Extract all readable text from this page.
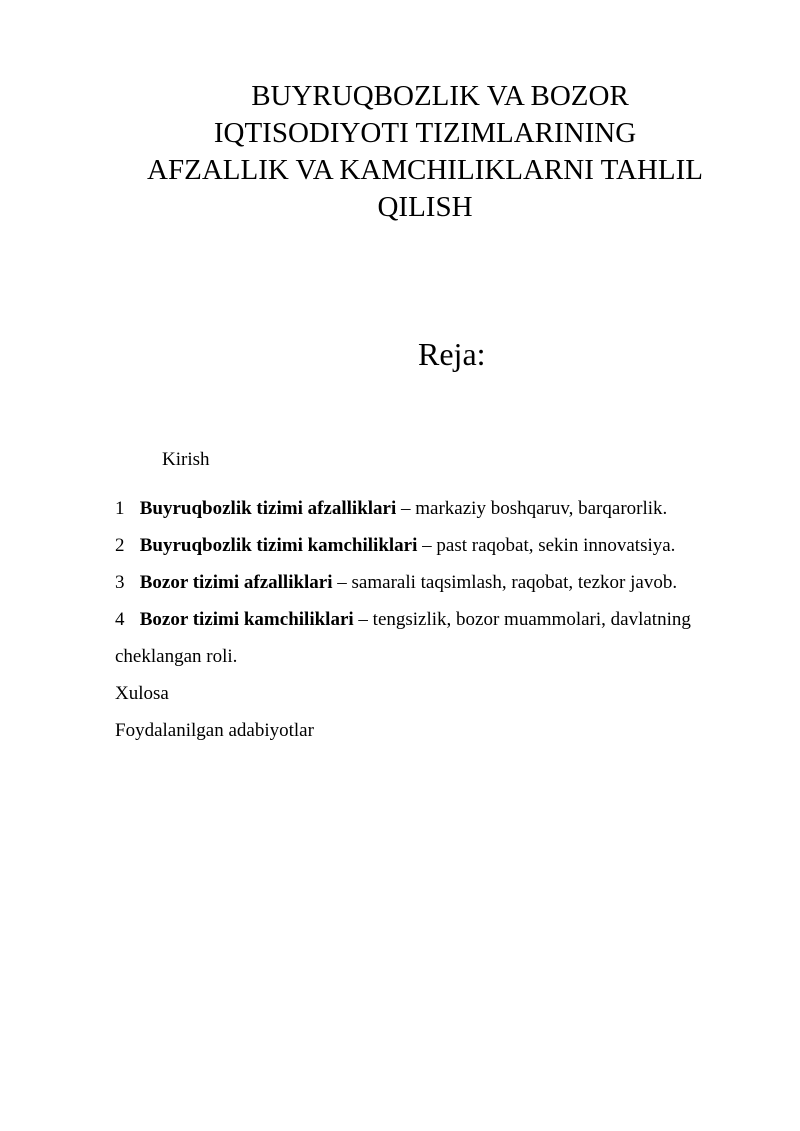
BUYRUQBOZLIK VA BOZOR
IQTISODIYOTI TIZIMLARINING
AFZALLIK VA KAMCHILIKLARNI TAHLIL
QILISH
Reja:
Kirish

1 Buyruqbozlik tizimi afzalliklari – markaziy boshqaruv, barqarorlik.

2 Buyruqbozlik tizimi kamchiliklari – past raqobat, sekin innovatsiya.

3 Bozor tizimi afzalliklari – samarali taqsimlash, raqobat, tezkor javob.

4 Bozor tizimi kamchiliklari – tengsizlik, bozor muammolari, davlatning cheklangan roli.

Xulosa

Foydalanilgan adabiyotlar
